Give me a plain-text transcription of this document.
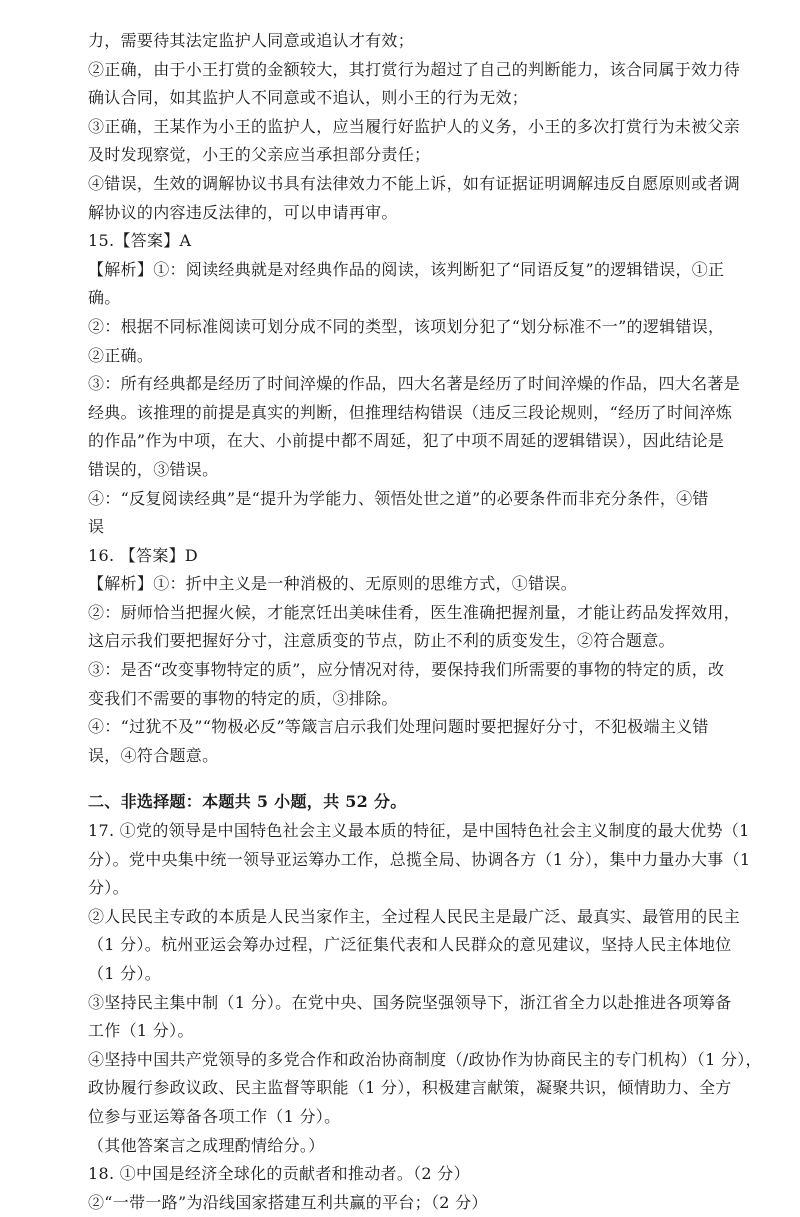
力，需要待其法定监护人同意或追认才有效；
②正确，由于小王打赏的金额较大，其打赏行为超过了自己的判断能力，该合同属于效力待
确认合同，如其监护人不同意或不追认，则小王的行为无效；
③正确，王某作为小王的监护人，应当履行好监护人的义务，小王的多次打赏行为未被父亲
及时发现察觉，小王的父亲应当承担部分责任；
④错误，生效的调解协议书具有法律效力不能上诉，如有证据证明调解违反自愿原则或者调
解协议的内容违反法律的，可以申请再审。
15.【答案】A
【解析】①：阅读经典就是对经典作品的阅读，该判断犯了“同语反复”的逻辑错误，①正
确。
②：根据不同标准阅读可划分成不同的类型，该项划分犯了“划分标准不一”的逻辑错误，
②正确。
③：所有经典都是经历了时间淬燥的作品，四大名著是经历了时间淬燥的作品，四大名著是
经典。该推理的前提是真实的判断，但推理结构错误（违反三段论规则，“经历了时间淬炼
的作品”作为中项，在大、小前提中都不周延，犯了中项不周延的逻辑错误），因此结论是
错误的，③错误。
④：“反复阅读经典”是“提升为学能力、领悟处世之道”的必要条件而非充分条件，④错
误
16. 【答案】D
【解析】①：折中主义是一种消极的、无原则的思维方式，①错误。
②：厨师恰当把握火候，才能烹饪出美味佳肴，医生准确把握剂量，才能让药品发挥效用，
这启示我们要把握好分寸，注意质变的节点，防止不利的质变发生，②符合题意。
③：是否“改变事物特定的质”，应分情况对待，要保持我们所需要的事物的特定的质，改
变我们不需要的事物的特定的质，③排除。
④：“过犹不及”“物极必反”等箴言启示我们处理问题时要把握好分寸，不犯极端主义错
误，④符合题意。
二、非选择题：本题共 5 小题，共 52 分。
17. ①党的领导是中国特色社会主义最本质的特征，是中国特色社会主义制度的最大优势（1
分）。党中央集中统一领导亚运筹办工作，总揽全局、协调各方（1 分），集中力量办大事（1
分）。
②人民民主专政的本质是人民当家作主，全过程人民民主是最广泛、最真实、最管用的民主
（1 分）。杭州亚运会筹办过程，广泛征集代表和人民群众的意见建议，坚持人民主体地位
（1 分）。
③坚持民主集中制（1 分）。在党中央、国务院坚强领导下，浙江省全力以赴推进各项筹备
工作（1 分）。
④坚持中国共产党领导的多党合作和政治协商制度（/政协作为协商民主的专门机构）（1 分），
政协履行参政议政、民主监督等职能（1 分），积极建言献策，凝聚共识，倾情助力、全方
位参与亚运筹备各项工作（1 分）。
（其他答案言之成理酌情给分。）
18. ①中国是经济全球化的贡献者和推动者。（2 分）
②“一带一路”为沿线国家搭建互利共赢的平台；（2 分）
